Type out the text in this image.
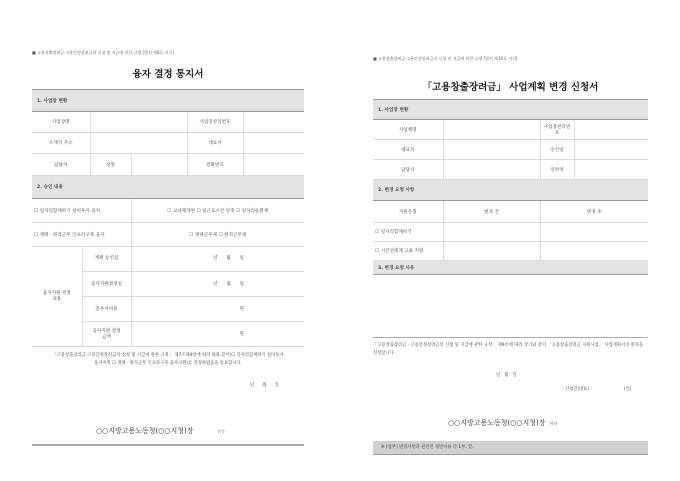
■ 고용창출장려금·고용안정장려금의 신청 및 지급에 관한 규정 [별지 제8호 서식]
융자 결정 통지서
1. 사업장 현황				
사업장명			사업장관리번호	
소재지 주소			대표자	
담당자	성명		전화번호	
2. 승인 내용				
☐ 일자리함께하기 설비투자 융자		☐ 교대제개편 ☐ 실근로시간 단축 ☐ 일자리순환제		
☐ 재택 · 원격근무 인프라구축 융자		☐ 재택근무제 ☐ 원격근무제		
융자지원 결정 내용	계획 승인일	년      월      일
	융자지원결정일	년      월      일
	총투자비용	원
	융자지원 결정금액	원
「고용창출장려금·고용안정장려금의 신청 및 지급에 관한 규정」 제7조제4항에 따라 위와 같이(☐ 일자리함께하기 설비투자 융자지원 ☐ 재택 · 원격근무 인프라구축 융자지원)를 결정하였음을 통보합니다.
년      월      일
○○지방고용노동청(○○지청)장	(인)
■ 고용창출장려금·고용안정장려금의 신청 및 지급에 관한 규정 [별지 제10호 서식]
「고용창출장려금」 사업계획 변경 신청서
1. 사업장 현황			
사업체명		사업장관리번호	
대표자		승인일	
담당자		연락처	
2. 변경 요청 사항			
지원유형	변경 전	변경 후	
☐ 일자리함께하기			
☐ 시간선택제 고용 지원			
3. 변경 요청 사유			

「고용창출장려금 · 고용안정장려금의 신청 및 지급에 관한 규정」 제9조에 따라 상기와 같이 「고용창출장려금 지원사업」 사업계획서의 변경을 신청합니다.
년   월   일
신청인(대표) :	(인)
○○지방고용노동청(○○지청)장 귀하
※ [첨부] 변경사항과 관련된 제반서류 각 1부. 끝.
